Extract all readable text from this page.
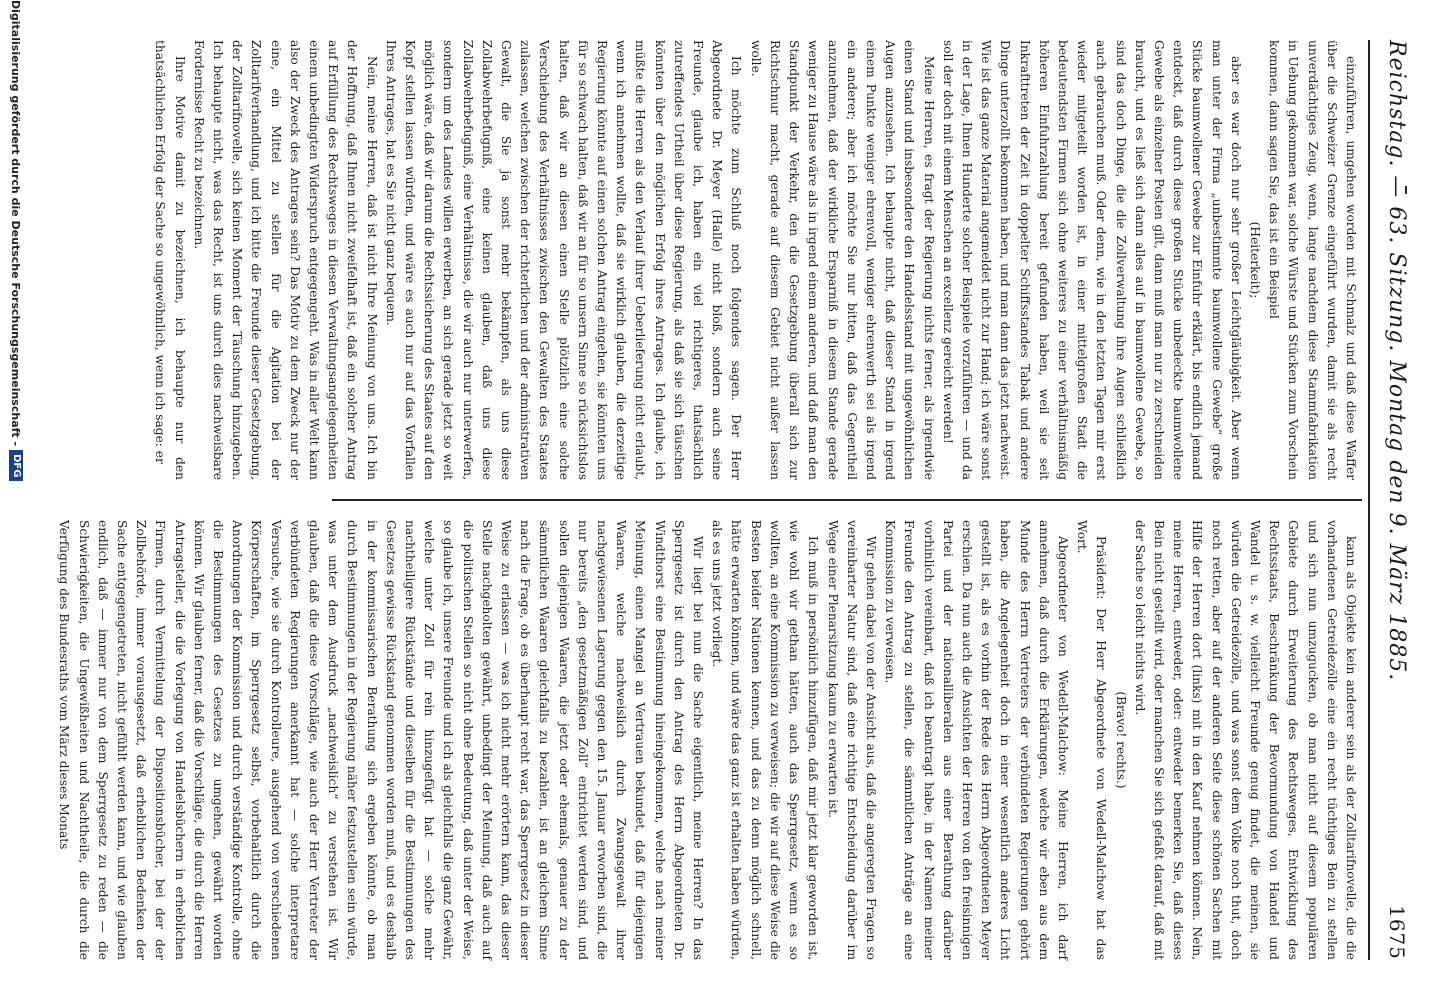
Reichstag. — 63. Sitzung. Montag den 9. März 1885.
1675

einzuführen, umgehen worden mit Schmalz und daß diese Waffer über die Schweizer Grenze eingeführt wurden, damit sie als recht unverdächtiges Zeug, wenn, lange nachdem diese Stammfabrikation in Uebung gekommen war, solche Würste und Stücken zum Vorschein kommen, dann sagen Sie, das ist ein Beispiel

(Heiterkeit);

aber es war doch nur sehr großer Leichtgläubigkeit. Aber wenn man unter der Firma „unbestimmte baumwollene Gewebe“ große Stücke baumwollener Gewebe zur Einfuhr erklärt, bis endlich jemand entdeckt, daß durch diese großen Stücke unbedeckte baumwollene Gewebe als einzelner Posten gilt, dann muß man nur zu zerschneiden braucht, und es ließ sich dann alles auf in baumwollene Gewebe, so sind das doch Dinge, die die Zollverwaltung ihre Augen schließlich auch gebrauchen muß. Oder denn, wie in den letzten Tagen mir erst wieder mitgeteilt worden ist, in einer mittelgroßen Stadt die bedeutendsten Firmen sich ohne weiteres zu einer verhältnismäßig höheren Einfuhrzahlung bereit gefunden haben, weil sie seit Inkrafttreten der Zeit in doppelter Schiffsstandes Tabak und andere Dinge unterzollt bekommen haben, und man dann das jetzt nachweist. Wie ist das ganze Material angemeldet nicht zur Hand; ich wäre sonst in der Lage, Ihnen Hunderte solcher Beispiele vorzuführen — und da soll der doch mit einem Menschen an excellenz gereicht werden!

Meine Herren, es fragt der Regierung nichts ferner, als irgendwie einen Stand und insbesondere den Handelsstand mit ungewöhnlichen Augen anzusehen. Ich behaupte nicht, daß dieser Stand in irgend einem Punkte weniger ehrenvoll, weniger ehrenwerth sei als irgend ein anderer; aber ich möchte Sie nur bitten, daß das Gegentheil anzunehmen, daß der wirkliche Ersparniß in diesem Stande gerade weniger zu Hause wäre als in irgend einem anderen, und daß man den Standpunkt der Verkehr, den die Gesetzgebung überall sich zur Richtschnur macht, gerade auf diesem Gebiet nicht außer lassen wolle.

Ich möchte zum Schluß noch folgendes sagen. Der Herr Abgeordnete Dr. Meyer (Halle) nicht bloß, sondern auch seine Freunde, glaube ich, haben ein viel richtigeres, thatsächlich zutreffendes Urtheil über diese Regierung, als daß sie sich täuschen könnten über den möglichen Erfolg ihres Antrages. Ich glaube, ich müßte die Herren als den Verlauf ihrer Ueberlieferung nicht erlaubt, wenn ich annehmen wollte, daß sie wirklich glauben, die derzeitige Regierung könnte auf einen solchen Antrag eingehen, sie könnten uns für so schwach halten, daß wir an für so unsern Sinne so rücksichtslos halten, daß wir an diesen einen Stelle plötzlich eine solche Verschiebung des Verhältnisses zwischen den Gewalten des Staates zulassen, welchen zwischen der richterlichen und der administrativen Gewalt, die Sie ja sonst mehr bekämpfen, als uns diese Zollabwehrbefugniß, eine keinen glauben, daß uns diese Zollabwehrbefugniß, eine Verhältnisse, die wir auch nur unterwerfen, sondern um des Landes willen erwerben, an sich gerade jetzt so weit möglich wäre, daß wir darum die Rechtssicherung des Staates auf den Kopf stellen lassen würden, und wäre es auch nur auf das Vorfallen Ihres Antrages, hat es Sie nicht ganz bequem.

Nein, meine Herren, daß ist nicht Ihre Meinung von uns. Ich bin der Hoffnung, daß Ihnen nicht zweifelhaft ist, daß ein solcher Antrag auf Erfüllung des Rechtsweges in diesen Verwaltungsangelegenheiten einem unbedingten Widerspruch entgegengeht. Was in aller Welt kann also der Zweck des Antrages sein? Das Motiv zu dem Zweck nur der eine, ein Mittel zu stellen für die Agitation bei der Zolltarifverhandlung, und ich bitte die Freunde dieser Gesetzgebung, der Zolltarifnovelle, sich keinen Moment der Täuschung hinzugeben. Ich behaupte nicht, was das Recht, ist uns durch dies nachweisbare Fordernisse Recht zu bezeichnen.

Ihre Motive damit zu bezeichnen, ich behaupte nur den thatsächlichen Erfolg der Sache so ungewöhnlich, wenn ich sage: er

kann als Objekte kein anderer sein als der Zolltarifnovelle, die die vorhandenen Getreidezölle eine ein recht tüchtiges Bein zu stellen und sich nun umzugucken, ob man nicht auf diesem populären Gebiete durch Erweiterung des Rechtsweges, Entwicklung des Rechtsstaats, Beschränkung der Bevormundung von Handel und Wandel u. s. w. vielleicht Freunde genug findet, die meinen, sie würden die Getreidezölle, und was sonst dem Volke noch thut, doch noch retten, aber auf der anderen Seite diese schönen Sachen mit Hilfe der Herren dort (links) mit in den Kauf nehmen können. Nein, meine Herren, entweder, oder: entweder bemerken Sie, daß dieses Bein nicht gestellt wird, oder manchen Sie sich gefaßt darauf, daß mit der Sache so leicht nichts wird.

(Bravo! rechts.)

Präsident: Der Herr Abgeordnete von Wedell-Malchow hat das Wort.

Abgeordneter von Wedell-Malchow: Meine Herren, ich darf annehmen, daß durch die Erklärungen, welche wir eben aus dem Munde des Herrn Vertreters der verbündeten Regierungen gehört haben, die Angelegenheit doch in einer wesentlich anderes Licht gestellt ist, als es vorhin der Rede des Herrn Abgeordneten Meyer erschien. Da nun auch die Ansichten der Herren von den freisinnigen Partei und der nationalliberalen aus einer Berathung darüber vorhinlich vereinbart, daß ich beantragt habe, in der Namen meiner Freunde den Antrag zu stellen, die sämmtlichen Anträge an eine Kommission zu verweisen.

Wir gehen dabei von der Ansicht aus, daß die angeregten Fragen so vereinbarter Natur sind, daß eine richtige Entscheidung darüber im Wege einer Plenarsitzung kaum zu erwarten ist.

Ich muß in persönlich hinzufügen, daß mir jetzt klar geworden ist, wie wohl wir gethan hätten, auch das Sperrgesetz, wenn es so wollten, an eine Kommission zu verweisen; die wir auf diese Weise die Besten beider Nationen kennen, und das zu denn möglich schnell, hätte erwarten können, und wäre das ganz ist erhalten haben würden, als es uns jetzt vorliegt.

Wir liegt bei nun die Sache eigentlich, meine Herren? In das Sperrgesetz ist durch den Antrag des Herrn Abgeordneten Dr. Windthorst eine Bestimmung hineingekommen, welche nach meiner Meinung, einen Mangel an Vertrauen bekundet, daß für diejenigen Waaren, welche nachweislich durch Zwangsgewalt ihrer nachgewiesenen Lagerung gegen den 15. Januar erworben sind, die nur bereits „den gesetzmäßigen Zoll“ entrichtet werden sind, und sollen diejenigen Waaren, die jetzt oder ehemals, genauer zu der sämmtlichen Waaren gleichfalls zu bezahlen, ist an gleichem Sinne nach die Frage, ob es überhaupt recht war, das Sperrgesetz in dieser Weise zu erlassen — was ich nicht mehr erörtern kann, das dieser Stelle nachgeholten gewährt, unbedingt der Meinung, daß auch auf die politischen Stellen so nicht ohne Bedeutung, daß unter der Weise, so glaube ich, unsere Freunde und ich als gleichfalls die ganz Gewähr, welche unter Zoll für rein hinzugefügt hat — solche mehr nachtheiligere Rückstände und dieselben für die Bestimmungen des Gesetzes gewisse Rückstand genommen worden muß, und es deshalb in der kommissarischen Berathung sich ergeben könnte, ob man durch Bestimmungen in der Regierung näher festzustellen sein würde, was unter dem Ausdruck „nachweislich“ zu verstehen ist. Wir glauben, daß die diese Vorschläge, wie auch der Herr Vertreter der verbündeten Regierungen anerkannt hat — solche interpretare Versuche, wie sie durch Kontrolleure, ausgehend von verschiedenen Körperschaften, im Sperrgesetz selbst, vorbehaltlich durch die Anordnungen der Kommission und durch verständige Kontrolle, ohne die Bestimmungen des Gesetzes zu umgehen, gewährt worden können. Wir glauben ferner, daß die Vorschläge, die durch die Herren Antragsteller, die die Vorlegung von Handelsbüchern in erheblichen Firmen, durch Vermittelung der Dispositionsbücher, bei der der Zollbehörde, immer vorausgesetzt, daß erheblichen Bedenken der Sache entgegengetreten, nicht gefühlt werden kann, und wie glauben endlich, daß — immer nur von dem Sperrgesetz zu reden — die Schwierigkeiten, die Ungewißheiten und Nachtheile, die durch die Verfügung des Bundesraths vom März dieses Monats

Digitalisierung gefördert durch die Deutsche Forschungsgemeinschaft -
DFG
